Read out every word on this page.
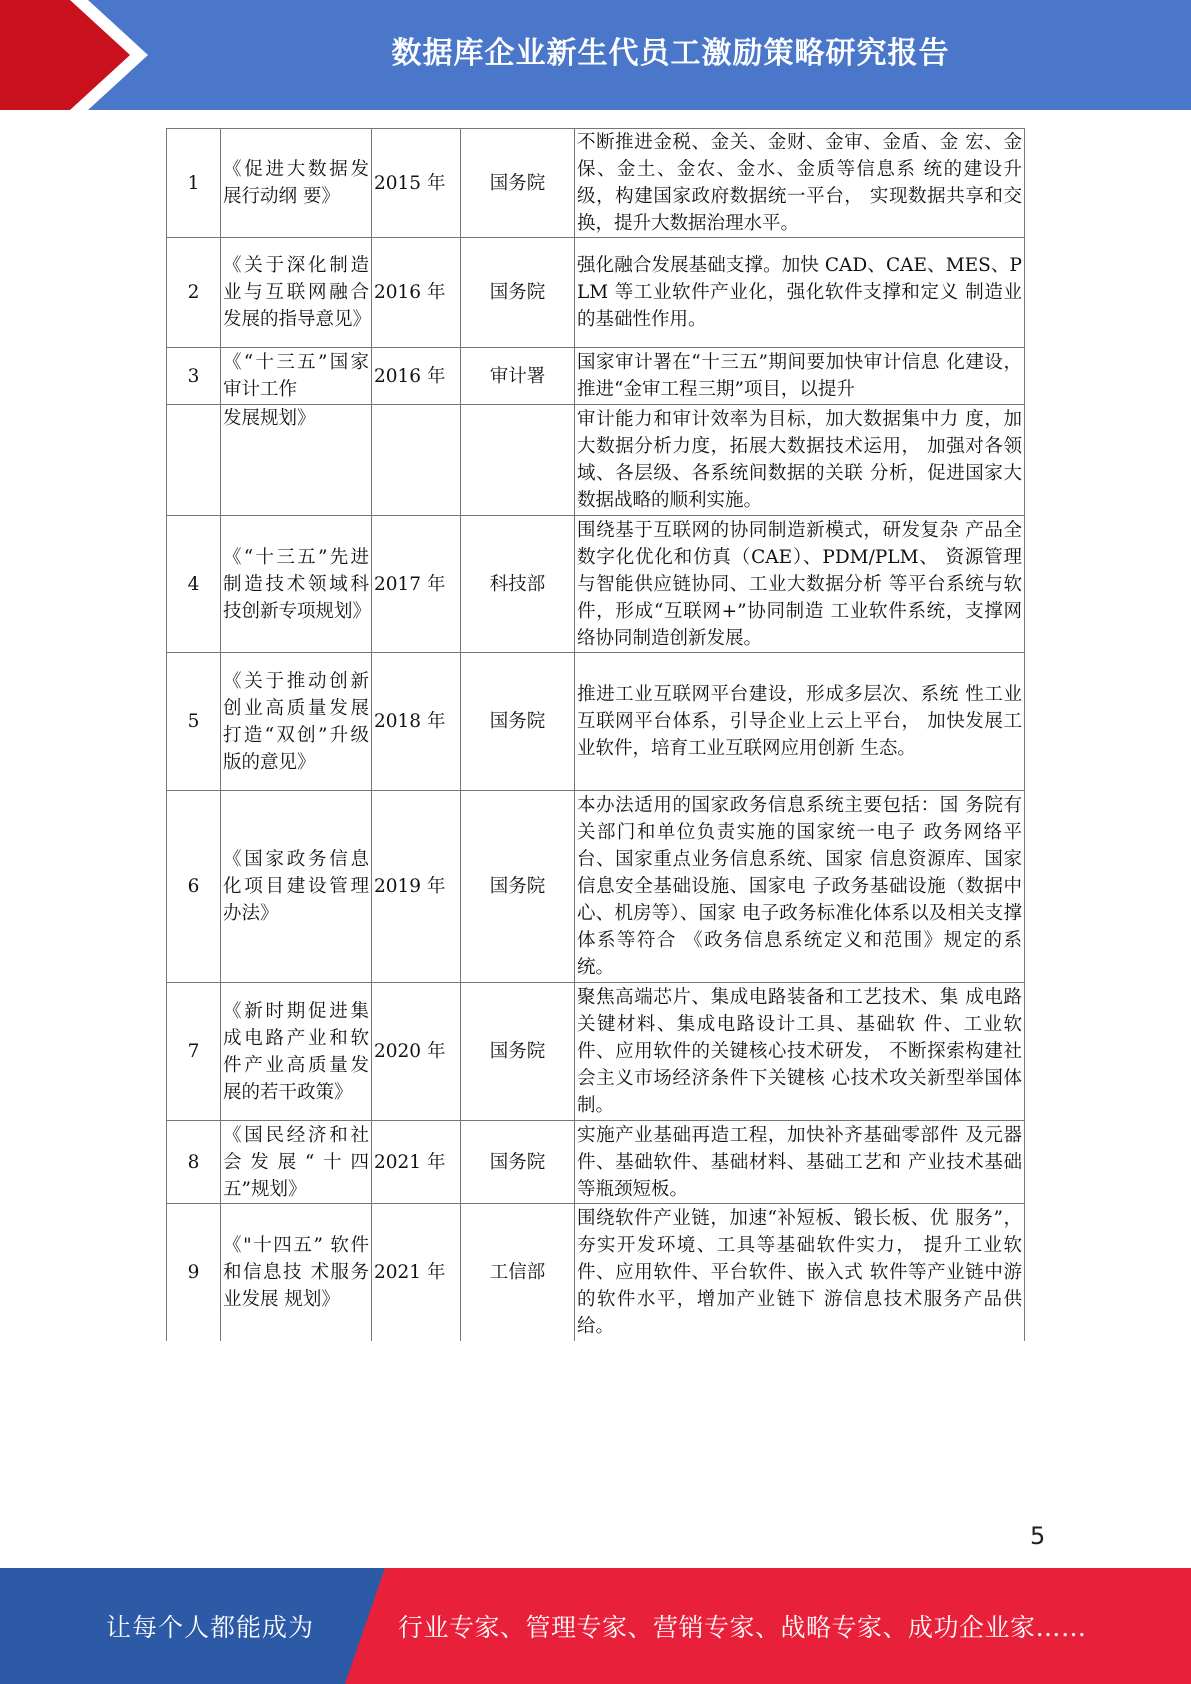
数据库企业新生代员工激励策略研究报告
1	《促进大数据发展行动纲 要》	2015 年	国务院	不断推进金税、金关、金财、金审、金盾、金 宏、金保、金土、金农、金水、金质等信息系 统的建设升级，构建国家政府数据统一平台， 实现数据共享和交换，提升大数据治理水平。
2	《关于深化制造业与互联网融合发展的指导意见》	2016 年	国务院	强化融合发展基础支撑。加快 CAD、CAE、MES、PLM 等工业软件产业化，强化软件支撑和定义 制造业的基础性作用。
3	《“十三五”国家审计工作	2016 年	审计署	国家审计署在“十三五”期间要加快审计信息 化建设，推进“金审工程三期”项目，以提升
	发展规划》			审计能力和审计效率为目标，加大数据集中力 度，加大数据分析力度，拓展大数据技术运用， 加强对各领域、各层级、各系统间数据的关联 分析，促进国家大数据战略的顺利实施。
4	《“十三五”先进制造技术领域科技创新专项规划》	2017 年	科技部	围绕基于互联网的协同制造新模式，研发复杂 产品全数字化优化和仿真（CAE）、PDM/PLM、 资源管理与智能供应链协同、工业大数据分析 等平台系统与软件，形成“互联网+”协同制造 工业软件系统，支撑网络协同制造创新发展。
5	《关于推动创新创业高质量发展打造“双创”升级版的意见》	2018 年	国务院	推进工业互联网平台建设，形成多层次、系统 性工业互联网平台体系，引导企业上云上平台， 加快发展工业软件，培育工业互联网应用创新 生态。
6	《国家政务信息化项目建设管理办法》	2019 年	国务院	本办法适用的国家政务信息系统主要包括：国 务院有关部门和单位负责实施的国家统一电子 政务网络平台、国家重点业务信息系统、国家 信息资源库、国家信息安全基础设施、国家电 子政务基础设施（数据中心、机房等）、国家 电子政务标准化体系以及相关支撑体系等符合 《政务信息系统定义和范围》规定的系统。
7	《新时期促进集成电路产业和软件产业高质量发展的若干政策》	2020 年	国务院	聚焦高端芯片、集成电路装备和工艺技术、集 成电路关键材料、集成电路设计工具、基础软 件、工业软件、应用软件的关键核心技术研发， 不断探索构建社会主义市场经济条件下关键核 心技术攻关新型举国体制。
8	《国民经济和社会发展“十四五”规划》	2021 年	国务院	实施产业基础再造工程，加快补齐基础零部件 及元器件、基础软件、基础材料、基础工艺和 产业技术基础等瓶颈短板。
9	《"十四五” 软件和信息技 术服务业发展 规划》	2021 年	工信部	围绕软件产业链，加速“补短板、锻长板、优 服务”，夯实开发环境、工具等基础软件实力， 提升工业软件、应用软件、平台软件、嵌入式 软件等产业链中游的软件水平，增加产业链下 游信息技术服务产品供给。
5
让每个人都能成为	行业专家、管理专家、营销专家、战略专家、成功企业家……
